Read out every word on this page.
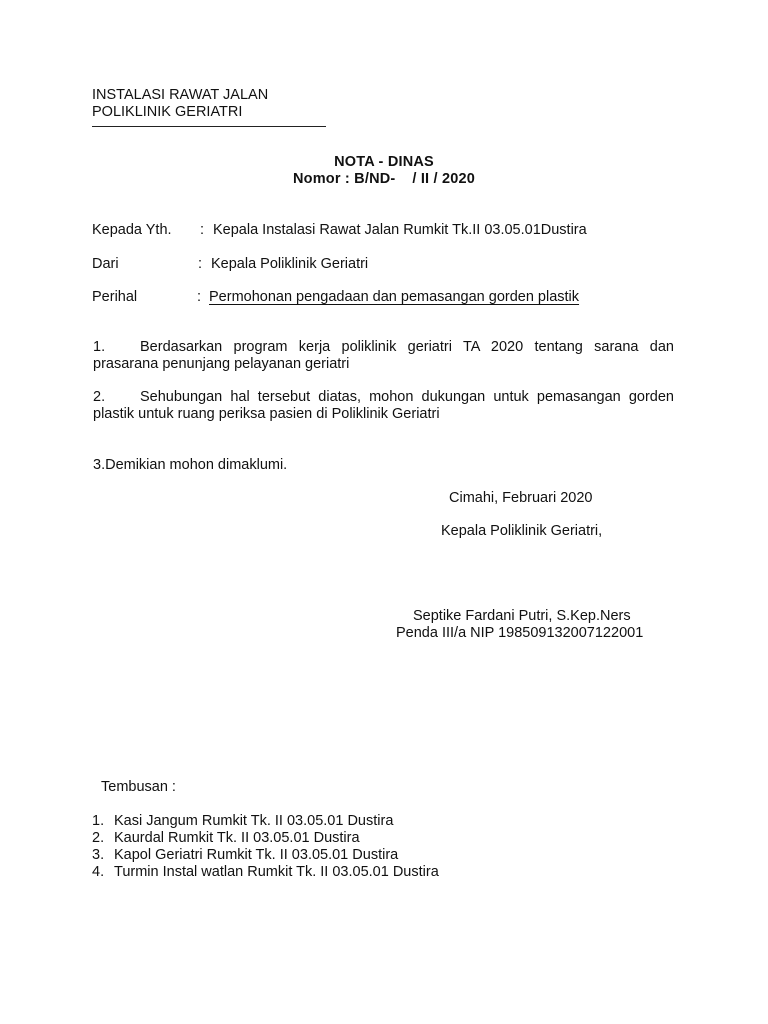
INSTALASI RAWAT JALAN
POLIKLINIK GERIATRI
NOTA - DINAS
Nomor : B/ND-    / II / 2020
Kepada Yth. : Kepala Instalasi Rawat Jalan Rumkit Tk.II 03.05.01Dustira
Dari	: Kepala Poliklinik Geriatri
Perihal	: Permohonan pengadaan dan pemasangan gorden plastik
1. Berdasarkan program kerja poliklinik geriatri TA 2020 tentang sarana dan prasarana penunjang pelayanan geriatri
2. Sehubungan hal tersebut diatas, mohon dukungan untuk pemasangan gorden plastik untuk ruang periksa pasien di Poliklinik Geriatri
3.Demikian mohon dimaklumi.
Cimahi, Februari 2020
Kepala Poliklinik Geriatri,
Septike Fardani Putri, S.Kep.Ners
Penda III/a NIP 198509132007122001
Tembusan :
1. Kasi Jangum Rumkit Tk. II 03.05.01 Dustira
2. Kaurdal Rumkit Tk. II 03.05.01 Dustira
3. Kapol Geriatri Rumkit Tk. II 03.05.01 Dustira
4. Turmin Instal watlan Rumkit Tk. II 03.05.01 Dustira
